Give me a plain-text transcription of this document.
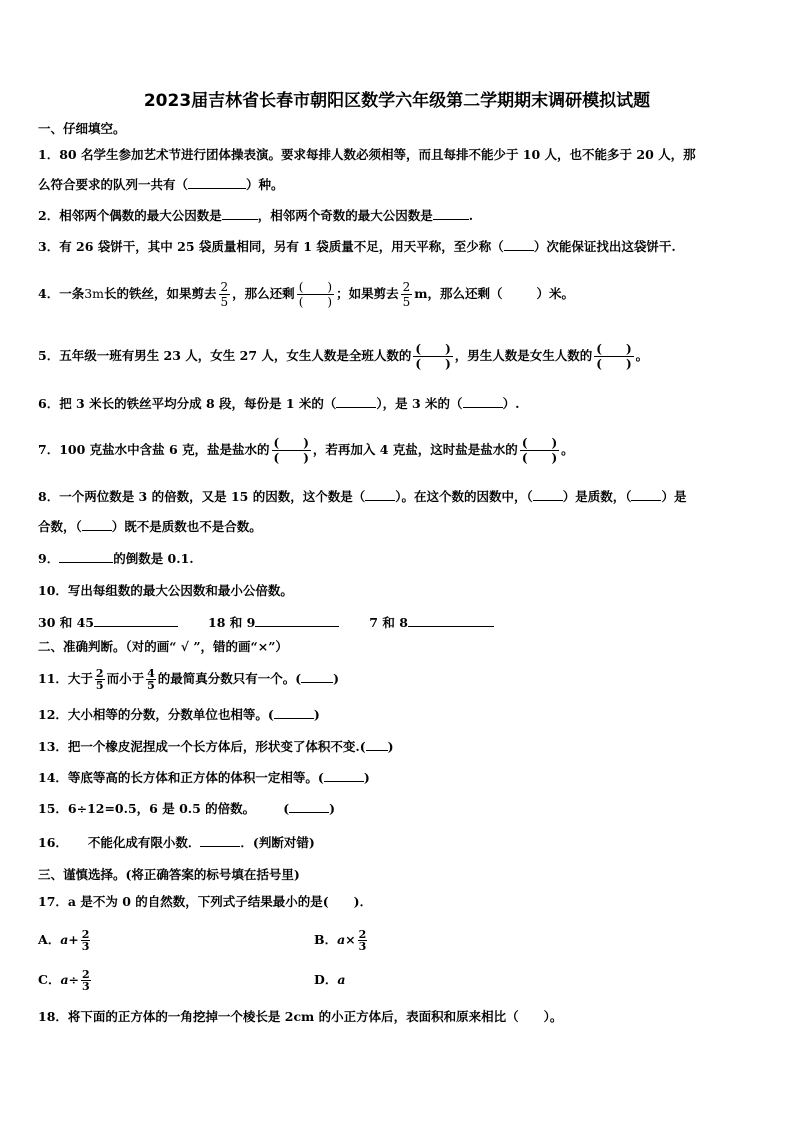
2023届吉林省长春市朝阳区数学六年级第二学期期末调研模拟试题
一、仔细填空。
1．80 名学生参加艺术节进行团体操表演。要求每排人数必须相等，而且每排不能少于 10 人，也不能多于 20 人，那
么符合要求的队列一共有（	）种。
2．相邻两个偶数的最大公因数是	，相邻两个奇数的最大公因数是	.
3．有 26 袋饼干，其中 25 袋质量相同，另有 1 袋质量不足，用天平称，至少称（ ）次能保证找出这袋饼干.
4．一条3m长的铁丝，如果剪去 $\frac{2}{5}$ ，那么还剩 $\frac{( )}{( )}$ ；如果剪去 $\frac{2}{5}$ m，那么还剩（	）米。
5．五年级一班有男生 23 人，女生 27 人，女生人数是全班人数的 $\frac{( )}{( )}$ ，男生人数是女生人数的 $\frac{( )}{( )}$ 。
6．把 3 米长的铁丝平均分成 8 段，每份是 1 米的（	），是 3 米的（	）.
7．100 克盐水中含盐 6 克，盐是盐水的 $\frac{( )}{( )}$ ，若再加入 4 克盐，这时盐是盐水的 $\frac{( )}{( )}$ 。
8．一个两位数是 3 的倍数，又是 15 的因数，这个数是（ ）。在这个数的因数中，（ ）是质数，（ ）是
合数，（ ）既不是质数也不是合数。
9．	的倒数是 0.1.
10．写出每组数的最大公因数和最小公倍数。
30 和 45	18 和 9	7 和 8
二、准确判断。（对的画“ √ ”，错的画“×”）
11．大于 $\frac{2}{5}$ 而小于 $\frac{4}{5}$ 的最简真分数只有一个。(	)
12．大小相等的分数，分数单位也相等。(	)
13．把一个橡皮泥捏成一个长方体后，形状变了体积不变.( )
14．等底等高的长方体和正方体的体积一定相等。(	)
15．6÷12=0.5，6 是 0.5 的倍数。 (	)
16． 不能化成有限小数．	．(判断对错)
三、谨慎选择。(将正确答案的标号填在括号里)
17．a 是不为 0 的自然数，下列式子结果最小的是(　　)．
A．$a+ \frac{2}{3}$	B．$a\times \frac{2}{3}$
C．$a\div \frac{2}{3}$	D．a
18．将下面的正方体的一角挖掉一个棱长是 2cm 的小正方体后，表面积和原来相比（　　）。
